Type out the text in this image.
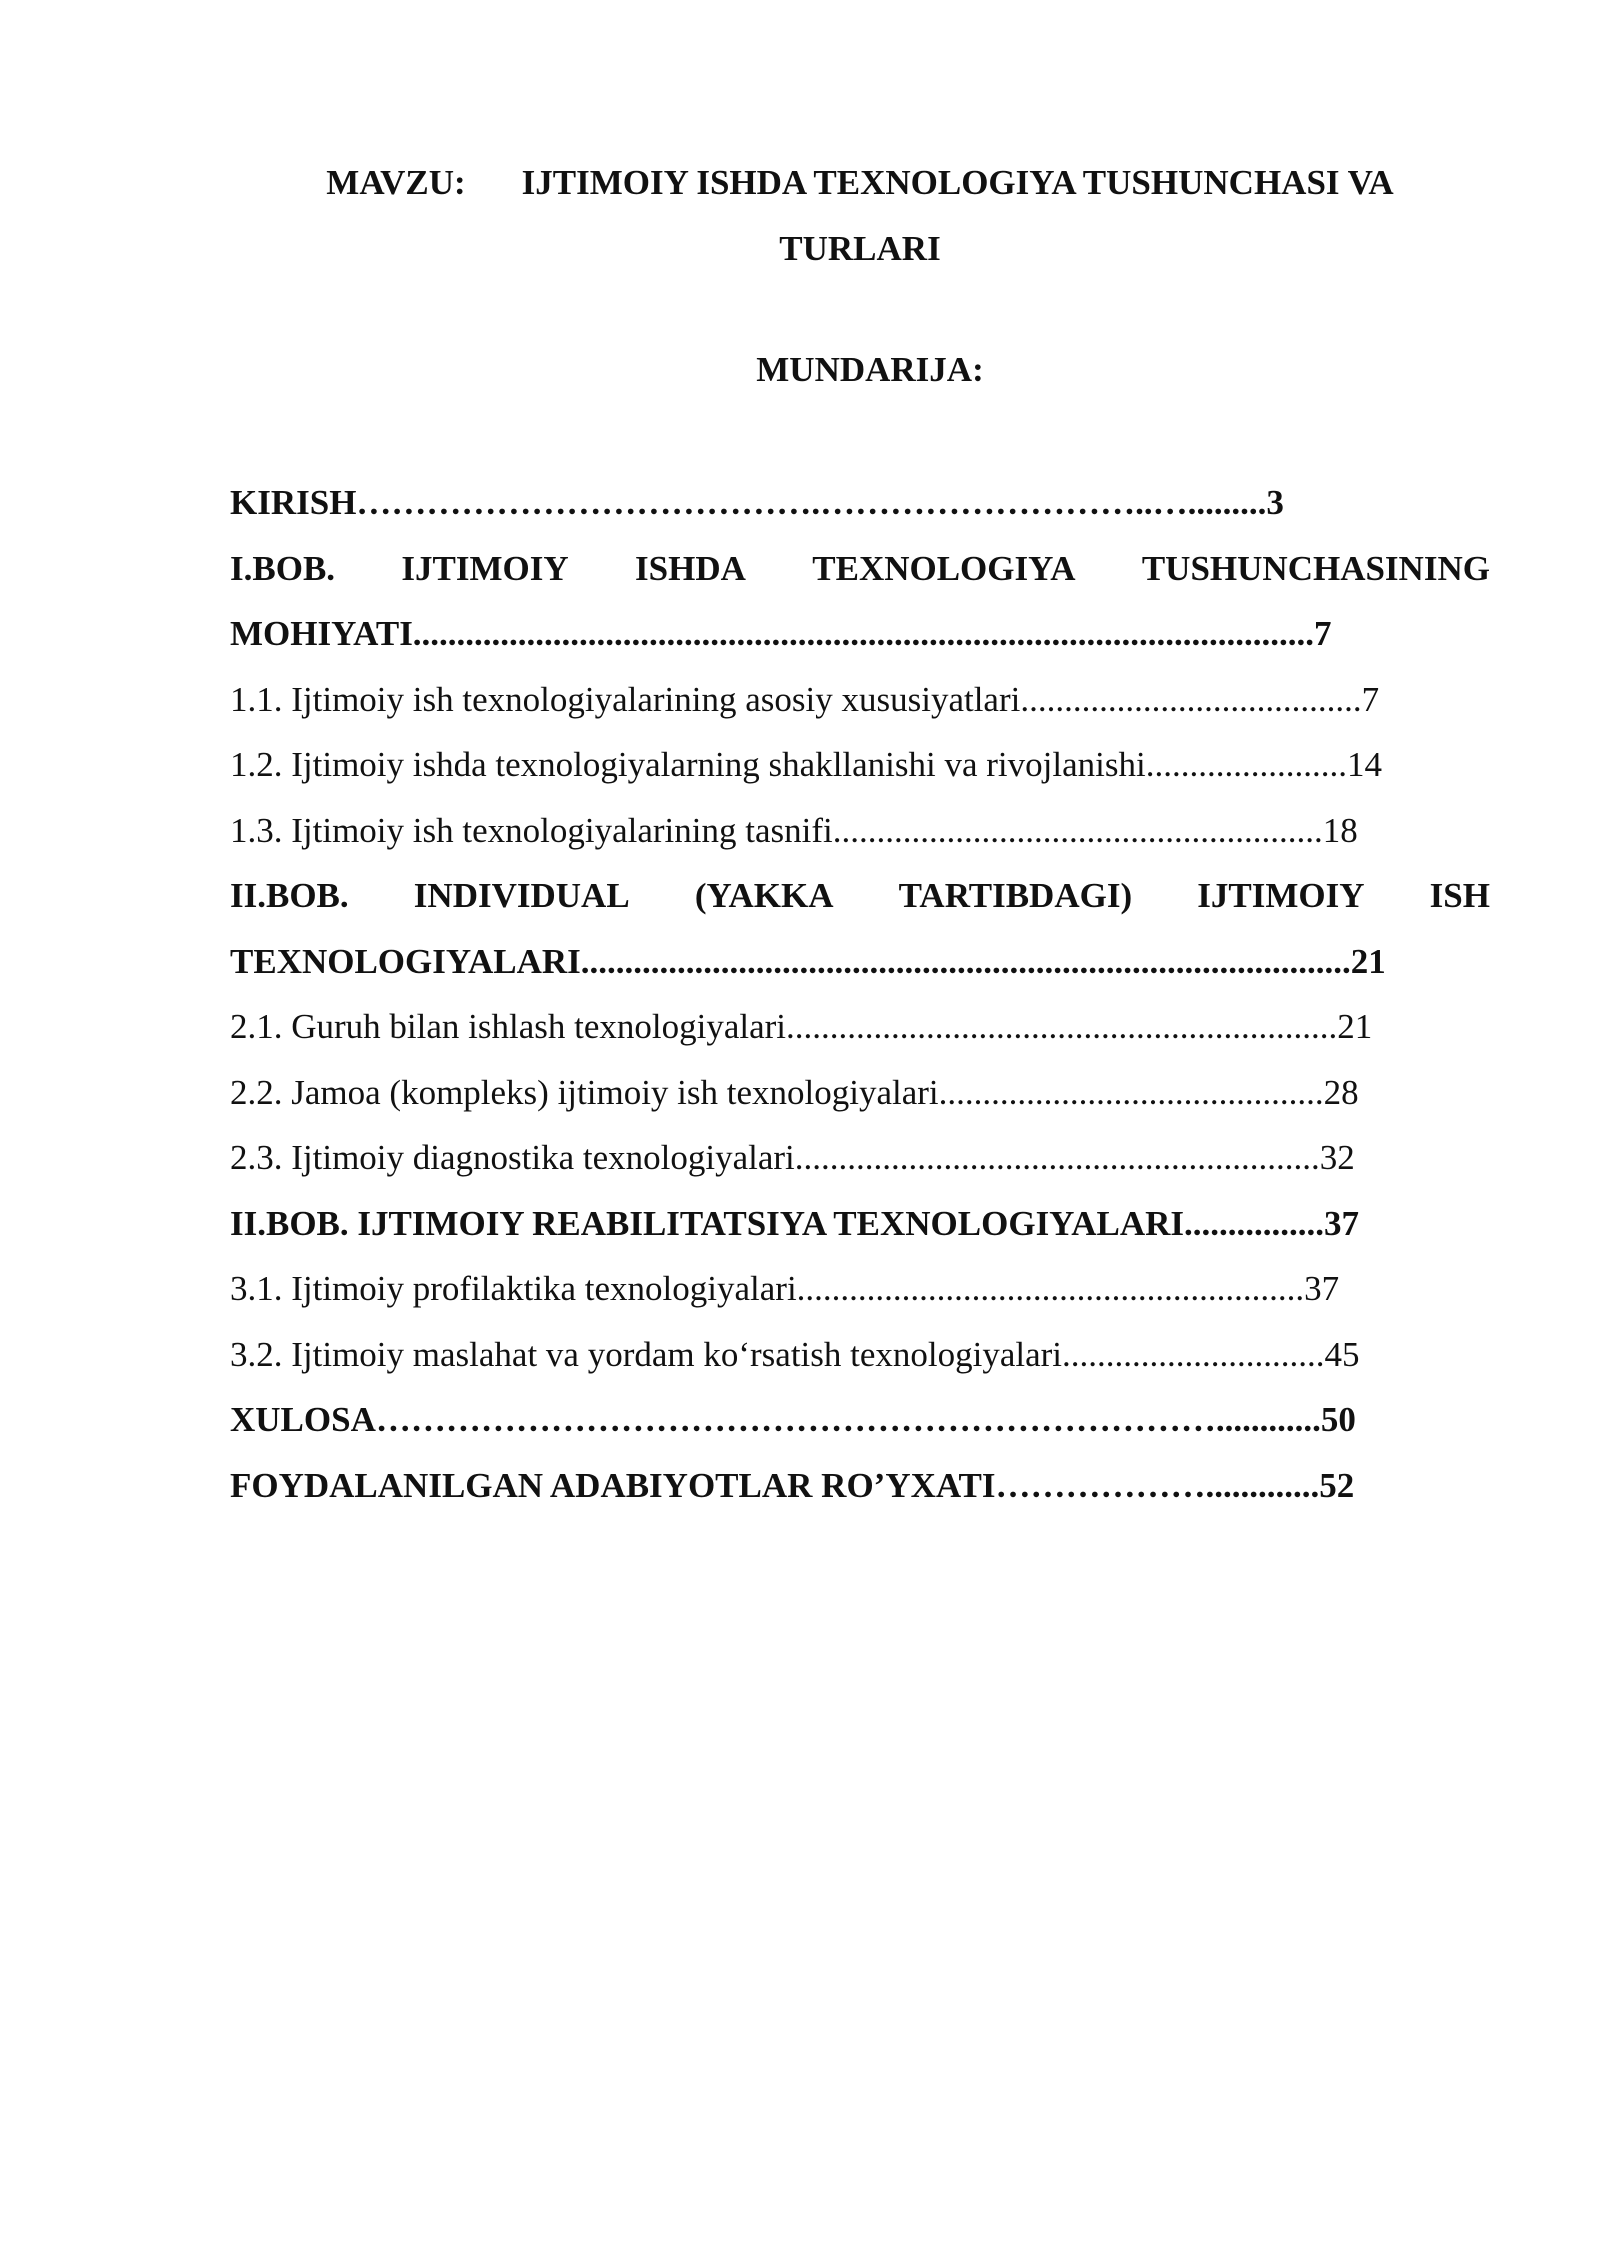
MAVZU: IJTIMOIY ISHDA TEXNOLOGIYA TUSHUNCHASI VA
TURLARI
MUNDARIJA:
KIRISH………………………………….………………………..….........3
I.BOB. IJTIMOIY ISHDA TEXNOLOGIYA TUSHUNCHASINING
MOHIYATI.......................................................................................................7
1.1. Ijtimoiy ish texnologiyalarining asosiy xususiyatlari.......................................7
1.2. Ijtimoiy ishda texnologiyalarning shakllanishi va rivojlanishi.......................14
1.3. Ijtimoiy ish texnologiyalarining tasnifi........................................................18
II.BOB. INDIVIDUAL (YAKKA TARTIBDAGI) IJTIMOIY ISH
TEXNOLOGIYALARI........................................................................................21
2.1. Guruh bilan ishlash texnologiyalari...............................................................21
2.2. Jamoa (kompleks) ijtimoiy ish texnologiyalari............................................28
2.3. Ijtimoiy diagnostika texnologiyalari............................................................32
II.BOB. IJTIMOIY REABILITATSIYA TEXNOLOGIYALARI................37
3.1. Ijtimoiy profilaktika texnologiyalari..........................................................37
3.2. Ijtimoiy maslahat va yordam ko‘rsatish texnologiyalari..............................45
XULOSA………………………………………………………………............50
FOYDALANILGAN ADABIYOTLAR RO’YXATI……………….............52
